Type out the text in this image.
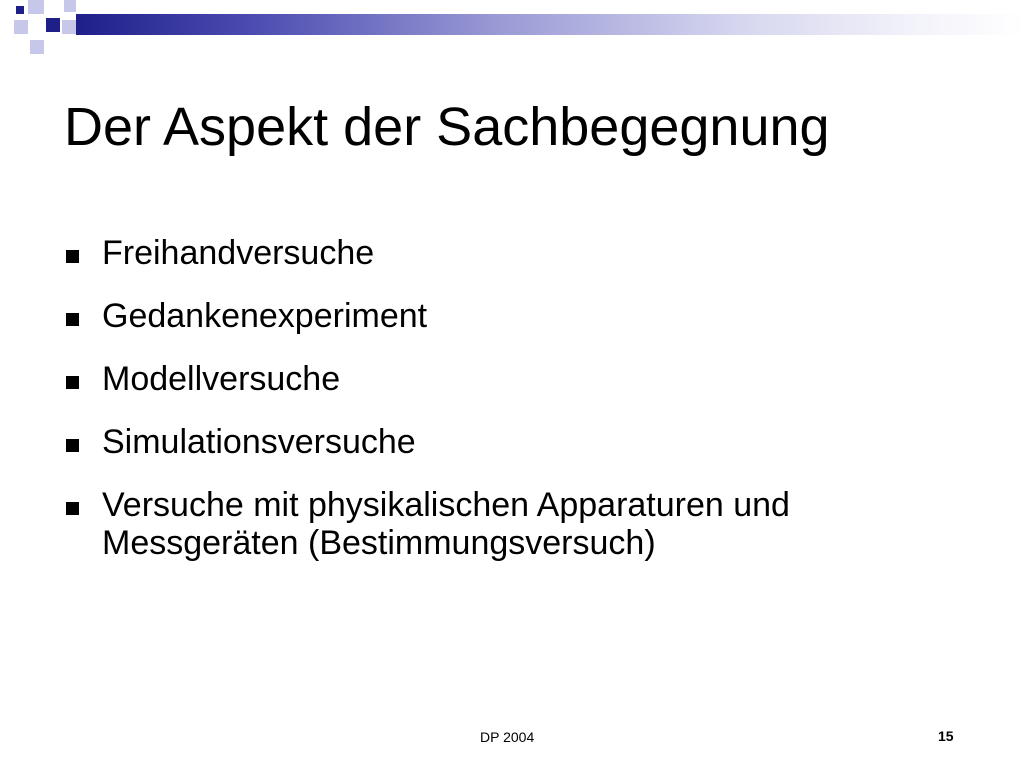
Der Aspekt der Sachbegegnung
Freihandversuche
Gedankenexperiment
Modellversuche
Simulationsversuche
Versuche mit physikalischen Apparaturen und Messgeräten (Bestimmungsversuch)
DP 2004	15
